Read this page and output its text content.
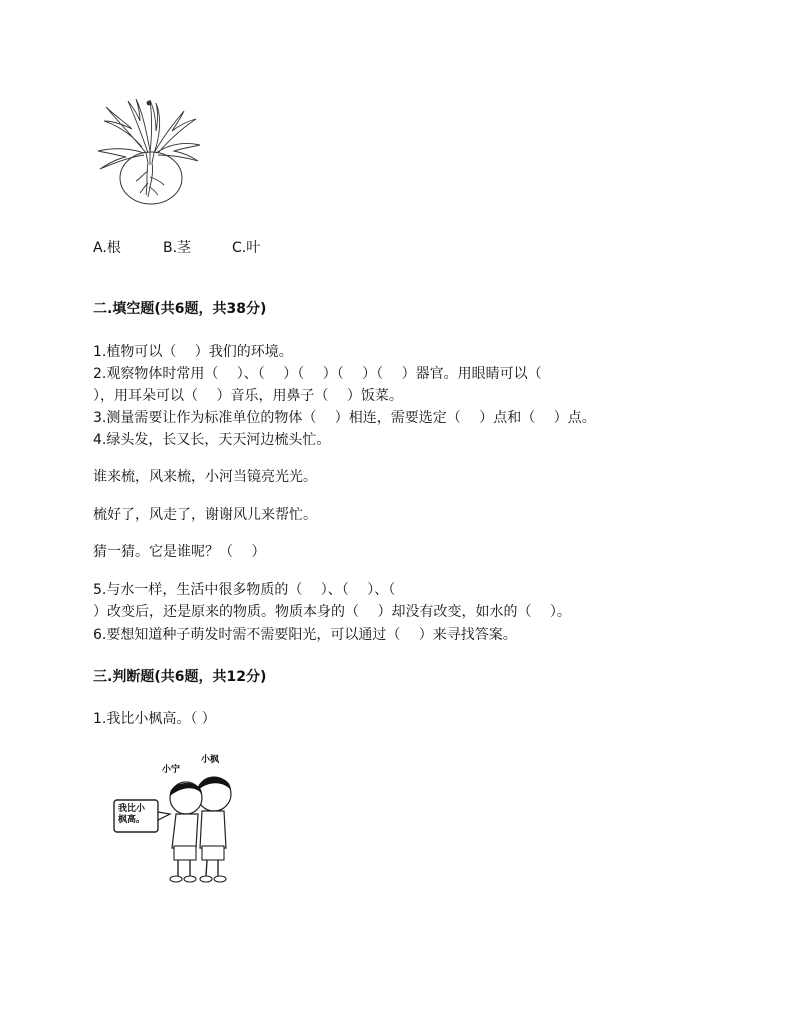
A.根	B.茎	C.叶
二.填空题(共6题，共38分)
1.植物可以（　 ）我们的环境。
2.观察物体时常用（　 ）、（　 ）（　 ）（　 ）（　 ）器官。用眼睛可以（
），用耳朵可以（　 ）音乐，用鼻子（　 ）饭菜。
3.测量需要让作为标准单位的物体（　 ）相连，需要选定（　 ）点和（　 ）点。
4.绿头发，长又长，天天河边梳头忙。
谁来梳，风来梳，小河当镜亮光光。
梳好了，风走了，谢谢风儿来帮忙。
猜一猜。它是谁呢？（　 ）
5.与水一样，生活中很多物质的（　 ）、（　 ）、（
）改变后，还是原来的物质。物质本身的（　 ）却没有改变，如水的（　 ）。
6.要想知道种子萌发时需不需要阳光，可以通过（　 ）来寻找答案。
三.判断题(共6题，共12分)
1.我比小枫高。（ ）
小宁
小枫
我比小
枫高。
